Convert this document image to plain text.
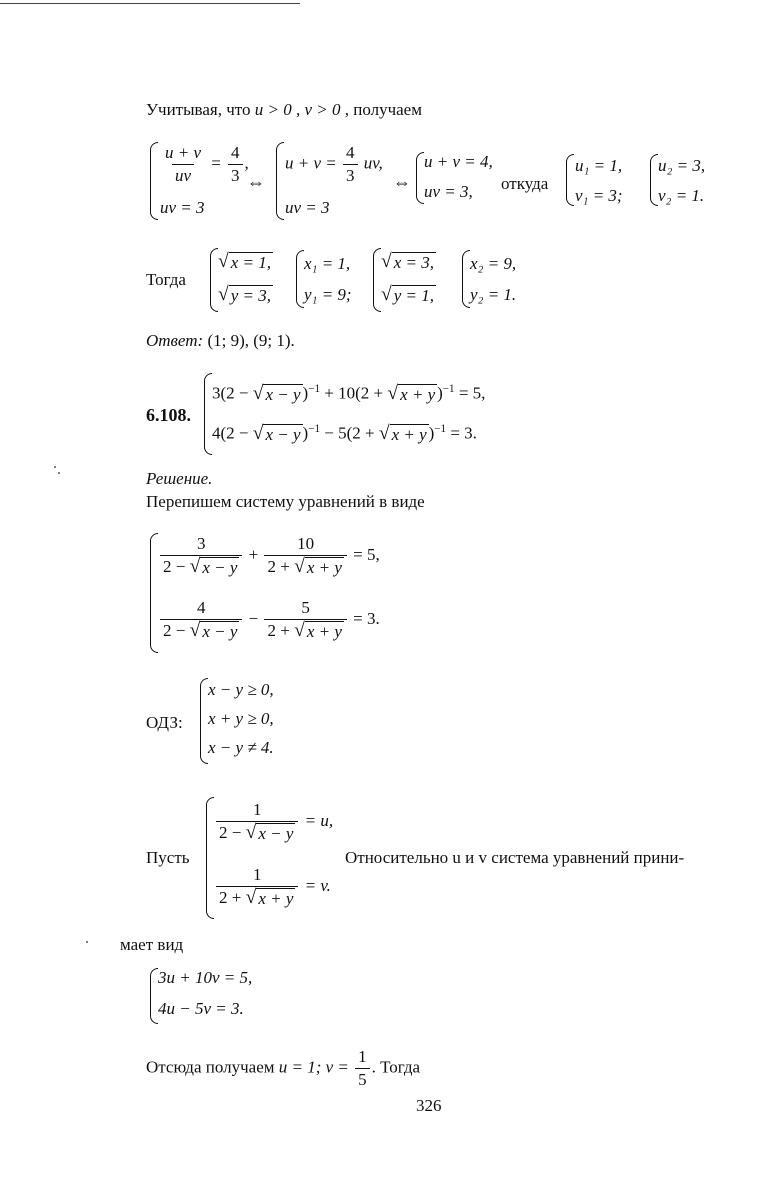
Учитывая, что u > 0 , v > 0 , получаем
$\frac{u + v}{uv} = \frac{4}{3}$ ,
uv = 3
⇔
$u + v = \frac{4}{3}$ uv,
uv = 3
⇔
u + v = 4,
uv = 3, откуда
u₁ = 1,
v₁ = 3;
u₂ = 3,
v₂ = 1.
Тогда
√ x = 1,
√ y = 3,
x₁ = 1,
y₁ = 9;
√ x = 3,
√ y = 1,
x₂ = 9,
y₂ = 1.
Ответ: (1; 9), (9; 1).
6.108.
3(2 − √ x − y )$^{-1}$ + 10(2 + √ x + y )$^{-1}$ = 5,
4(2 − √ x − y )$^{-1}$ − 5(2 + √ x + y )$^{-1}$ = 3.
Решение.
Перепишем систему уравнений в виде
$\frac{3}{2 - √ x - y} + \frac{10}{2 + √ x + y} = 5$,
$\frac{4}{2 - √ x - y} - \frac{5}{2 + √ x + y} = 3$.
ОДЗ:
x − y ≥ 0,
x + y ≥ 0,
x − y ≠ 4.
Пусть
$\frac{1}{2 - √ x - y} = u$,
$\frac{1}{2 + √ x + y} = v$.
Относительно u и v система уравнений прини-
мает вид
3u + 10v = 5,
4u − 5v = 3.
Отсюда получаем u = 1; $v = \frac{1}{5}$ . Тогда
326
